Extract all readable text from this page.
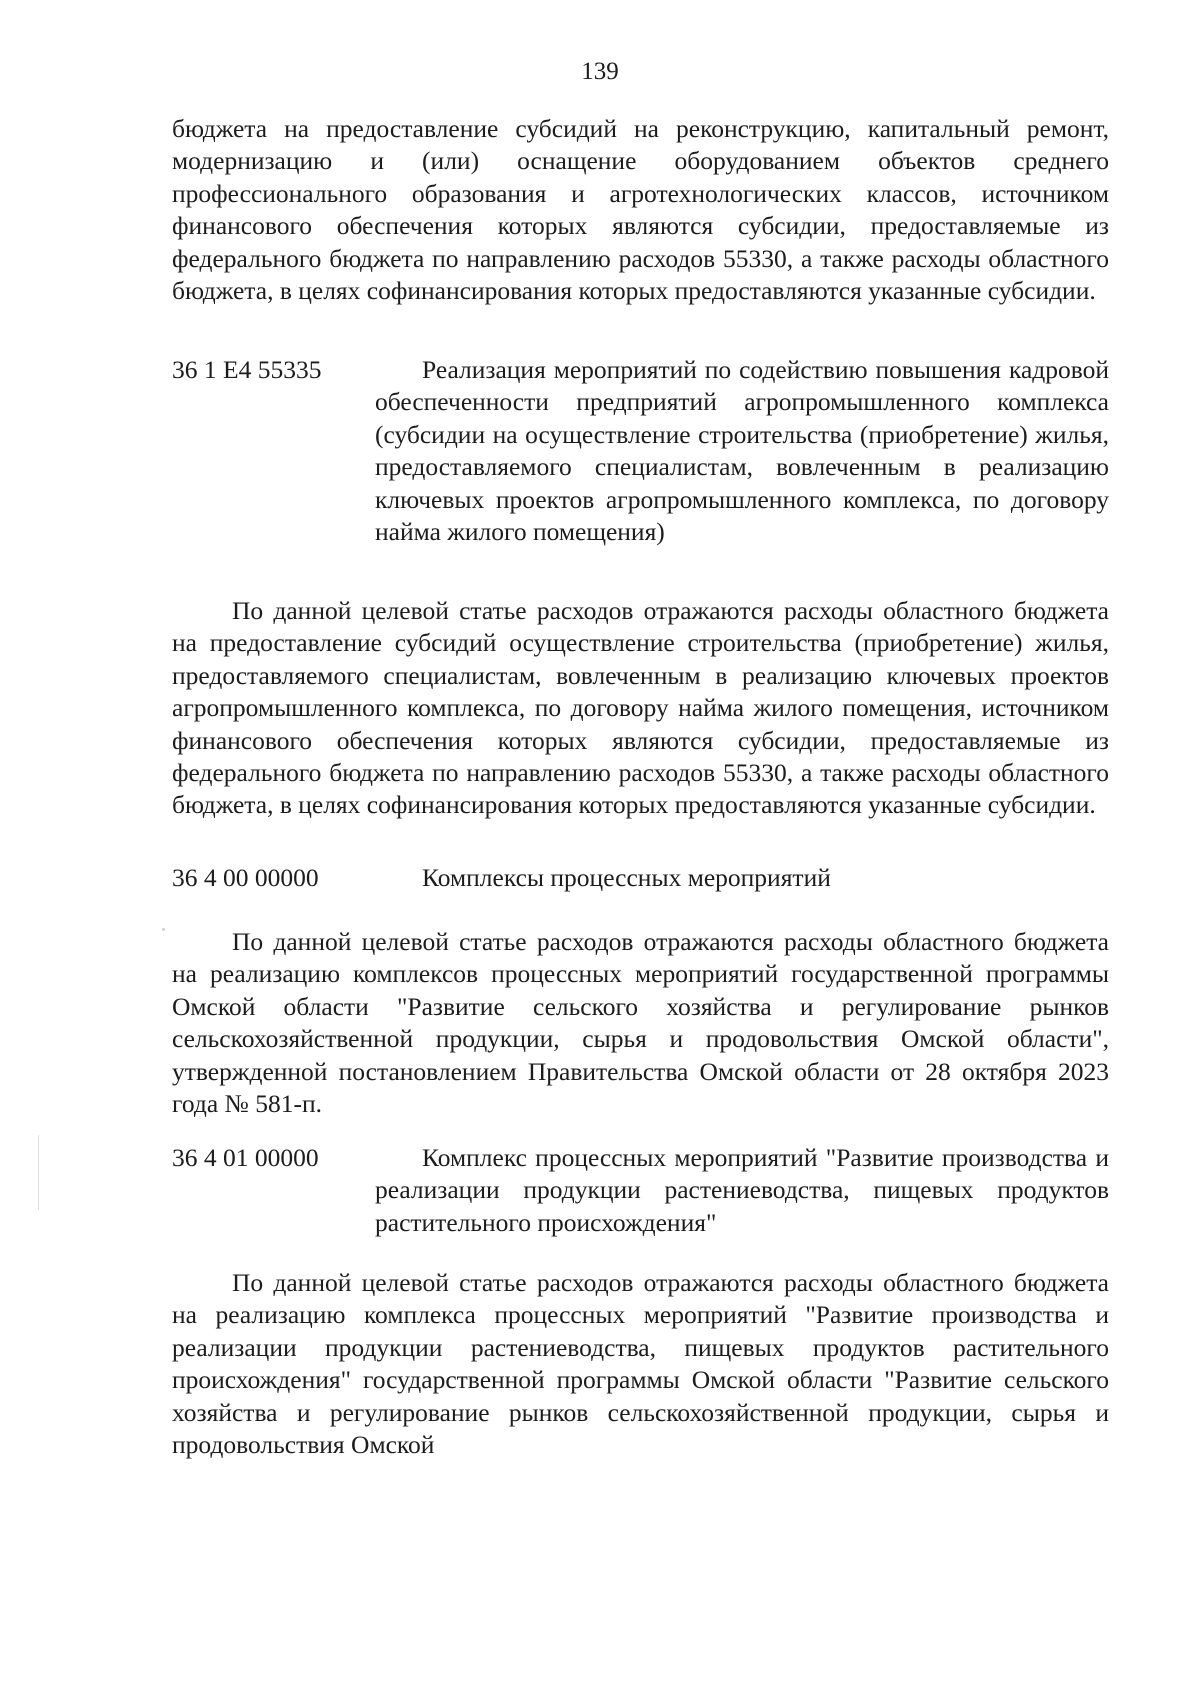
139

бюджета на предоставление субсидий на реконструкцию, капитальный ремонт, модернизацию и (или) оснащение оборудованием объектов среднего профессионального образования и агротехнологических классов, источником финансового обеспечения которых являются субсидии, предоставляемые из федерального бюджета по направлению расходов 55330, а также расходы областного бюджета, в целях софинансирования которых предоставляются указанные субсидии.

36 1 Е4 55335	Реализация мероприятий по содействию повышения кадровой обеспеченности предприятий агропромышленного комплекса (субсидии на осуществление строительства (приобретение) жилья, предоставляемого специалистам, вовлеченным в реализацию ключевых проектов агропромышленного комплекса, по договору найма жилого помещения)

По данной целевой статье расходов отражаются расходы областного бюджета на предоставление субсидий осуществление строительства (приобретение) жилья, предоставляемого специалистам, вовлеченным в реализацию ключевых проектов агропромышленного комплекса, по договору найма жилого помещения, источником финансового обеспечения которых являются субсидии, предоставляемые из федерального бюджета по направлению расходов 55330, а также расходы областного бюджета, в целях софинансирования которых предоставляются указанные субсидии.

36 4 00 00000	Комплексы процессных мероприятий

По данной целевой статье расходов отражаются расходы областного бюджета на реализацию комплексов процессных мероприятий государственной программы Омской области "Развитие сельского хозяйства и регулирование рынков сельскохозяйственной продукции, сырья и продовольствия Омской области", утвержденной постановлением Правительства Омской области от 28 октября 2023 года № 581-п.

36 4 01 00000	Комплекс процессных мероприятий "Развитие производства и реализации продукции растениеводства, пищевых продуктов растительного происхождения"

По данной целевой статье расходов отражаются расходы областного бюджета на реализацию комплекса процессных мероприятий "Развитие производства и реализации продукции растениеводства, пищевых продуктов растительного происхождения" государственной программы Омской области "Развитие сельского хозяйства и регулирование рынков сельскохозяйственной продукции, сырья и продовольствия Омской
